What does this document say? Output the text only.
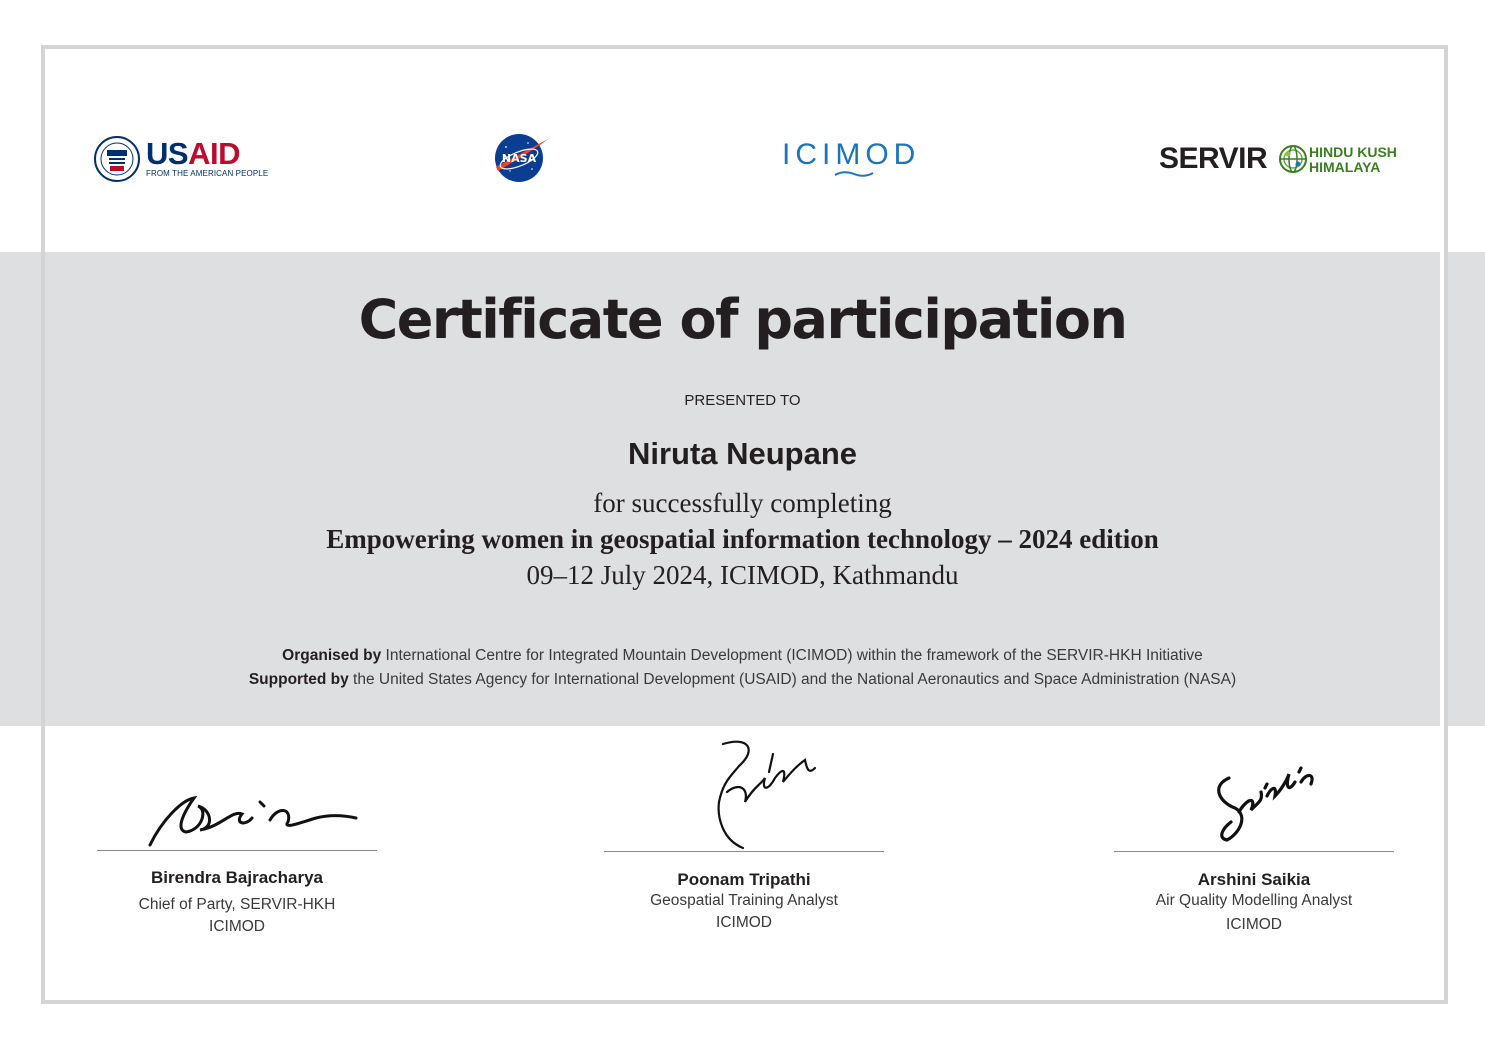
USAID
FROM THE AMERICAN PEOPLE
NASA	ICIMOD	SERVIR	HINDU KUSH
HIMALAYA
Certificate of participation
PRESENTED TO
Niruta Neupane
for successfully completing
Empowering women in geospatial information technology – 2024 edition
09–12 July 2024, ICIMOD, Kathmandu
Organised by International Centre for Integrated Mountain Development (ICIMOD) within the framework of the SERVIR-HKH Initiative
Supported by the United States Agency for International Development (USAID) and the National Aeronautics and Space Administration (NASA)
Birendra Bajracharya
Chief of Party, SERVIR-HKH
ICIMOD
Poonam Tripathi
Geospatial Training Analyst
ICIMOD
Arshini Saikia
Air Quality Modelling Analyst
ICIMOD
